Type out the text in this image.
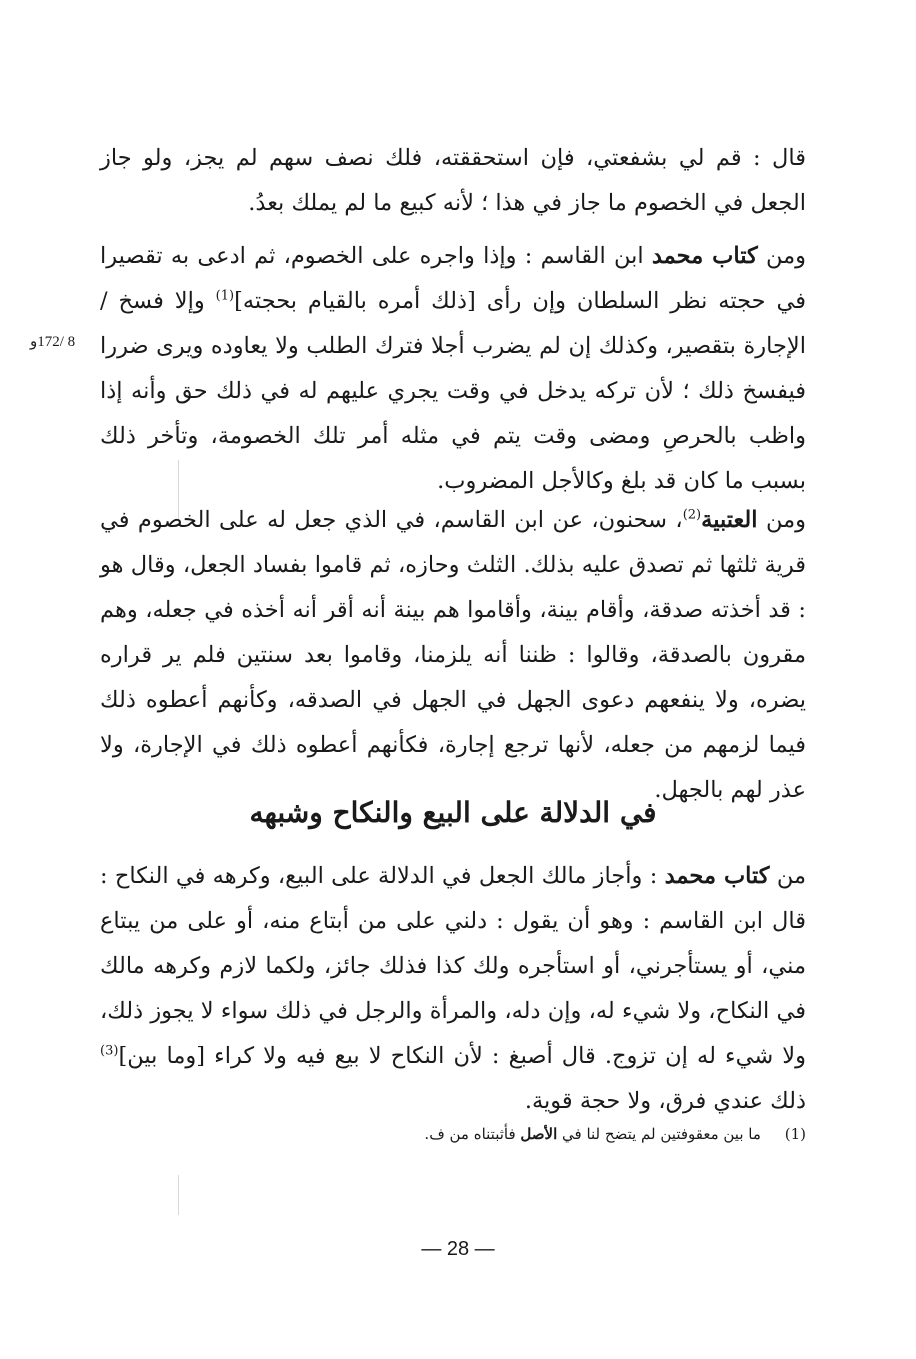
قال : قم لي بشفعتي، فإن استحققته، فلك نصف سهم لم يجز، ولو جاز الجعل في الخصوم ما جاز في هذا ؛ لأنه كبيع ما لم يملك بعدُ.

ومن كتاب محمد ابن القاسم : وإذا واجره على الخصوم، ثم ادعى به تقصيرا في حجته نظر السلطان وإن رأى [ذلك أمره بالقيام بحجته]$^{(1)}$ وإلا فسخ / الإجارة بتقصير، وكذلك إن لم يضرب أجلا فترك الطلب ولا يعاوده ويرى ضررا فيفسخ ذلك ؛ لأن تركه يدخل في وقت يجري عليهم له في ذلك حق وأنه إذا واظب بالحرصِ ومضى وقت يتم في مثله أمر تلك الخصومة، وتأخر ذلك بسبب ما كان قد بلغ وكالأجل المضروب.

8 /172و

ومن العتبية$^{(2)}$، سحنون، عن ابن القاسم، في الذي جعل له على الخصوم في قرية ثلثها ثم تصدق عليه بذلك. الثلث وحازه، ثم قاموا بفساد الجعل، وقال هو : قد أخذته صدقة، وأقام بينة، وأقاموا هم بينة أنه أقر أنه أخذه في جعله، وهم مقرون بالصدقة، وقالوا : ظننا أنه يلزمنا، وقاموا بعد سنتين فلم ير قراره يضره، ولا ينفعهم دعوى الجهل في الجهل في الصدقه، وكأنهم أعطوه ذلك فيما لزمهم من جعله، لأنها ترجع إجارة، فكأنهم أعطوه ذلك في الإجارة، ولا عذر لهم بالجهل.

في الدلالة على البيع والنكاح وشبهه

من كتاب محمد : وأجاز مالك الجعل في الدلالة على البيع، وكرهه في النكاح : قال ابن القاسم : وهو أن يقول : دلني على من أبتاع منه، أو على من يبتاع مني، أو يستأجرني، أو استأجره ولك كذا فذلك جائز، ولكما لازم وكرهه مالك في النكاح، ولا شيء له، وإن دله، والمرأة والرجل في ذلك سواء لا يجوز ذلك، ولا شيء له إن تزوج. قال أصبغ : لأن النكاح لا بيع فيه ولا كراء [وما بين]$^{(3)}$ ذلك عندي فرق، ولا حجة قوية.

(1)     ما بين معقوفتين لم يتضح لنا في الأصل فأثبتناه من ف.
— 28 —
